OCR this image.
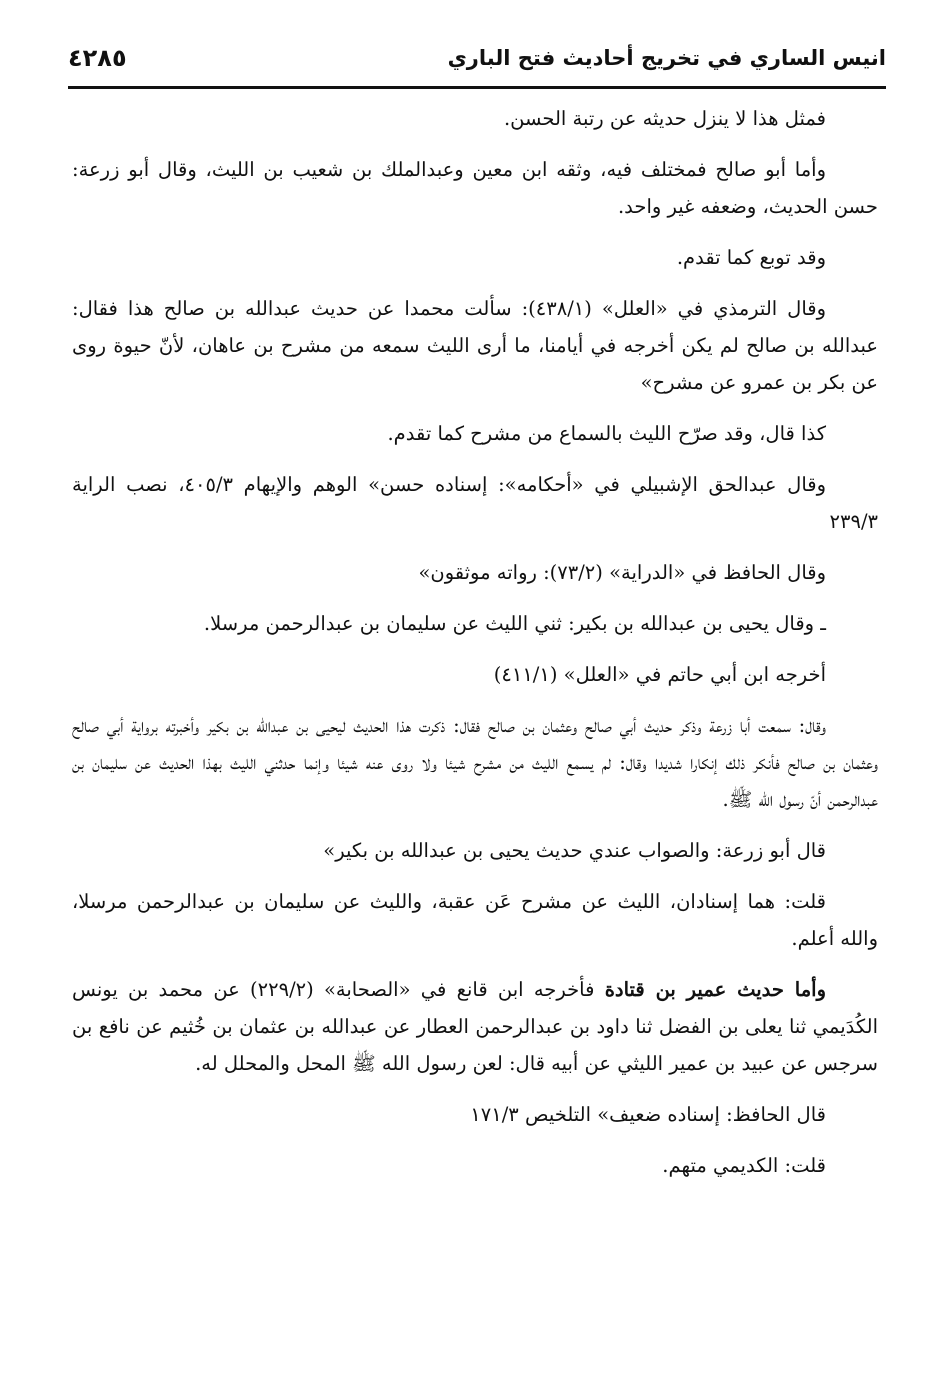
انيس الساري في تخريج أحاديث فتح الباري
٤٢٨٥

فمثل هذا لا ينزل حديثه عن رتبة الحسن.

وأما أبو صالح فمختلف فيه، وثقه ابن معين وعبدالملك بن شعيب بن الليث، وقال أبو زرعة: حسن الحديث، وضعفه غير واحد.

وقد توبع كما تقدم.

وقال الترمذي في «العلل» (٤٣٨/١): سألت محمدا عن حديث عبدالله بن صالح هذا فقال: عبدالله بن صالح لم يكن أخرجه في أيامنا، ما أرى الليث سمعه من مشرح بن عاهان، لأنّ حيوة روى عن بكر بن عمرو عن مشرح»

كذا قال، وقد صرّح الليث بالسماع من مشرح كما تقدم.

وقال عبدالحق الإشبيلي في «أحكامه»: إسناده حسن» الوهم والإيهام ٤٠٥/٣، نصب الراية ٢٣٩/٣

وقال الحافظ في «الدراية» (٧٣/٢): رواته موثقون»

ـ وقال يحيى بن عبدالله بن بكير: ثني الليث عن سليمان بن عبدالرحمن مرسلا.

أخرجه ابن أبي حاتم في «العلل» (٤١١/١)

وقال: سمعت أبا زرعة وذكر حديث أبي صالح وعثمان بن صالح فقال: ذكرت هذا الحديث ليحيى بن عبدالله بن بكير وأخبرته برواية أبي صالح وعثمان بن صالح فأنكر ذلك إنكارا شديدا وقال: لم يسمع الليث من مشرح شيئا ولا روى عنه شيئا وإنما حدثني الليث بهذا الحديث عن سليمان بن عبدالرحمن أنّ رسول الله ﷺ.

قال أبو زرعة: والصواب عندي حديث يحيى بن عبدالله بن بكير»

قلت: هما إسنادان، الليث عن مشرح عَن عقبة، والليث عن سليمان بن عبدالرحمن مرسلا، والله أعلم.

وأما حديث عمير بن قتادة فأخرجه ابن قانع في «الصحابة» (٢٢٩/٢) عن محمد بن يونس الكُدَيمي ثنا يعلى بن الفضل ثنا داود بن عبدالرحمن العطار عن عبدالله بن عثمان بن خُثيم عن نافع بن سرجس عن عبيد بن عمير الليثي عن أبيه قال: لعن رسول الله ﷺ المحل والمحلل له.

قال الحافظ: إسناده ضعيف» التلخيص ١٧١/٣

قلت: الكديمي متهم.
